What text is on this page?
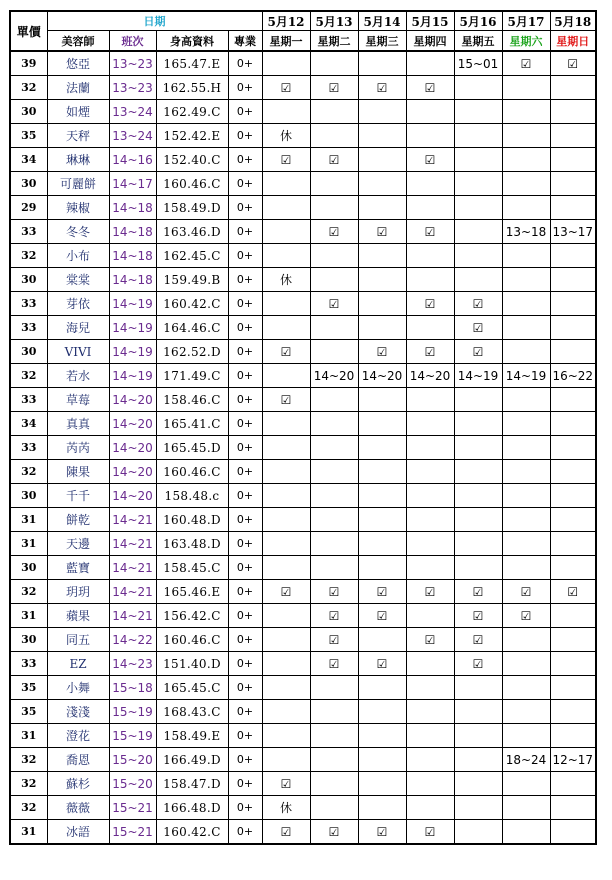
單價	日期				5月12	5月13	5月14	5月15	5月16	5月17	5月18
	美容師	班次	身高資料	專業	星期一	星期二	星期三	星期四	星期五	星期六	星期日
39	悠亞	13~23	165.47.E	0+					15~01	☑	☑
32	法蘭	13~23	162.55.H	0+	☑	☑	☑	☑			
30	如煙	13~24	162.49.C	0+							
35	天秤	13~24	152.42.E	0+	休						
34	琳琳	14~16	152.40.C	0+	☑	☑		☑			
30	可麗餅	14~17	160.46.C	0+							
29	辣椒	14~18	158.49.D	0+							
33	冬冬	14~18	163.46.D	0+		☑	☑	☑		13~18	13~17
32	小布	14~18	162.45.C	0+							
30	棠棠	14~18	159.49.B	0+	休						
33	芽依	14~19	160.42.C	0+		☑		☑	☑		
33	海兒	14~19	164.46.C	0+					☑		
30	VIVI	14~19	162.52.D	0+	☑		☑	☑	☑		
32	若水	14~19	171.49.C	0+		14~20	14~20	14~20	14~19	14~19	16~22
33	草莓	14~20	158.46.C	0+	☑						
34	真真	14~20	165.41.C	0+							
33	芮芮	14~20	165.45.D	0+							
32	陳果	14~20	160.46.C	0+							
30	千千	14~20	158.48.c	0+							
31	餅乾	14~21	160.48.D	0+							
31	天邊	14~21	163.48.D	0+							
30	藍寶	14~21	158.45.C	0+							
32	玥玥	14~21	165.46.E	0+	☑	☑	☑	☑	☑	☑	☑
31	蘋果	14~21	156.42.C	0+		☑	☑		☑	☑	
30	同五	14~22	160.46.C	0+		☑		☑	☑		
33	EZ	14~23	151.40.D	0+		☑	☑		☑		
35	小舞	15~18	165.45.C	0+							
35	淺淺	15~19	168.43.C	0+							
31	澄花	15~19	158.49.E	0+							
32	喬恩	15~20	166.49.D	0+						18~24	12~17
32	蘇杉	15~20	158.47.D	0+	☑						
32	薇薇	15~21	166.48.D	0+	休						
31	冰語	15~21	160.42.C	0+	☑	☑	☑	☑			
